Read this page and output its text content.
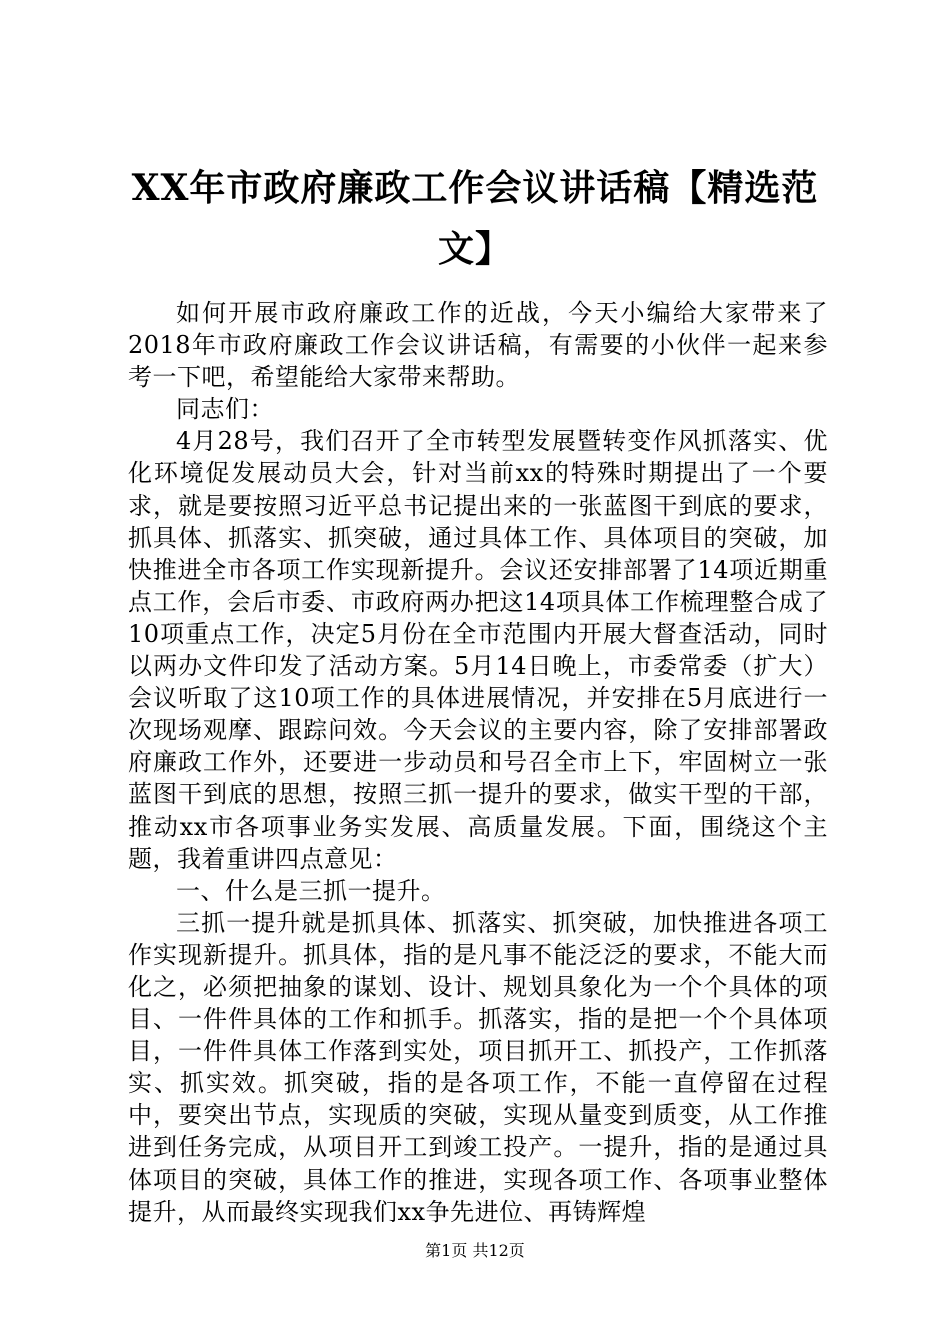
XX年市政府廉政工作会议讲话稿【精选范文】

如何开展市政府廉政工作的近战，今天小编给大家带来了2018年市政府廉政工作会议讲话稿，有需要的小伙伴一起来参考一下吧，希望能给大家带来帮助。

同志们：

4月28号，我们召开了全市转型发展暨转变作风抓落实、优化环境促发展动员大会，针对当前xx的特殊时期提出了一个要求，就是要按照习近平总书记提出来的一张蓝图干到底的要求，抓具体、抓落实、抓突破，通过具体工作、具体项目的突破，加快推进全市各项工作实现新提升。会议还安排部署了14项近期重点工作，会后市委、市政府两办把这14项具体工作梳理整合成了10项重点工作，决定5月份在全市范围内开展大督查活动，同时以两办文件印发了活动方案。5月14日晚上，市委常委（扩大）会议听取了这10项工作的具体进展情况，并安排在5月底进行一次现场观摩、跟踪问效。今天会议的主要内容，除了安排部署政府廉政工作外，还要进一步动员和号召全市上下，牢固树立一张蓝图干到底的思想，按照三抓一提升的要求，做实干型的干部，推动xx市各项事业务实发展、高质量发展。下面，围绕这个主题，我着重讲四点意见：

一、什么是三抓一提升。

三抓一提升就是抓具体、抓落实、抓突破，加快推进各项工作实现新提升。抓具体，指的是凡事不能泛泛的要求，不能大而化之，必须把抽象的谋划、设计、规划具象化为一个个具体的项目、一件件具体的工作和抓手。抓落实，指的是把一个个具体项目，一件件具体工作落到实处，项目抓开工、抓投产，工作抓落实、抓实效。抓突破，指的是各项工作，不能一直停留在过程中，要突出节点，实现质的突破，实现从量变到质变，从工作推进到任务完成，从项目开工到竣工投产。一提升，指的是通过具体项目的突破，具体工作的推进，实现各项工作、各项事业整体提升，从而最终实现我们xx争先进位、再铸辉煌

第1页 共12页
